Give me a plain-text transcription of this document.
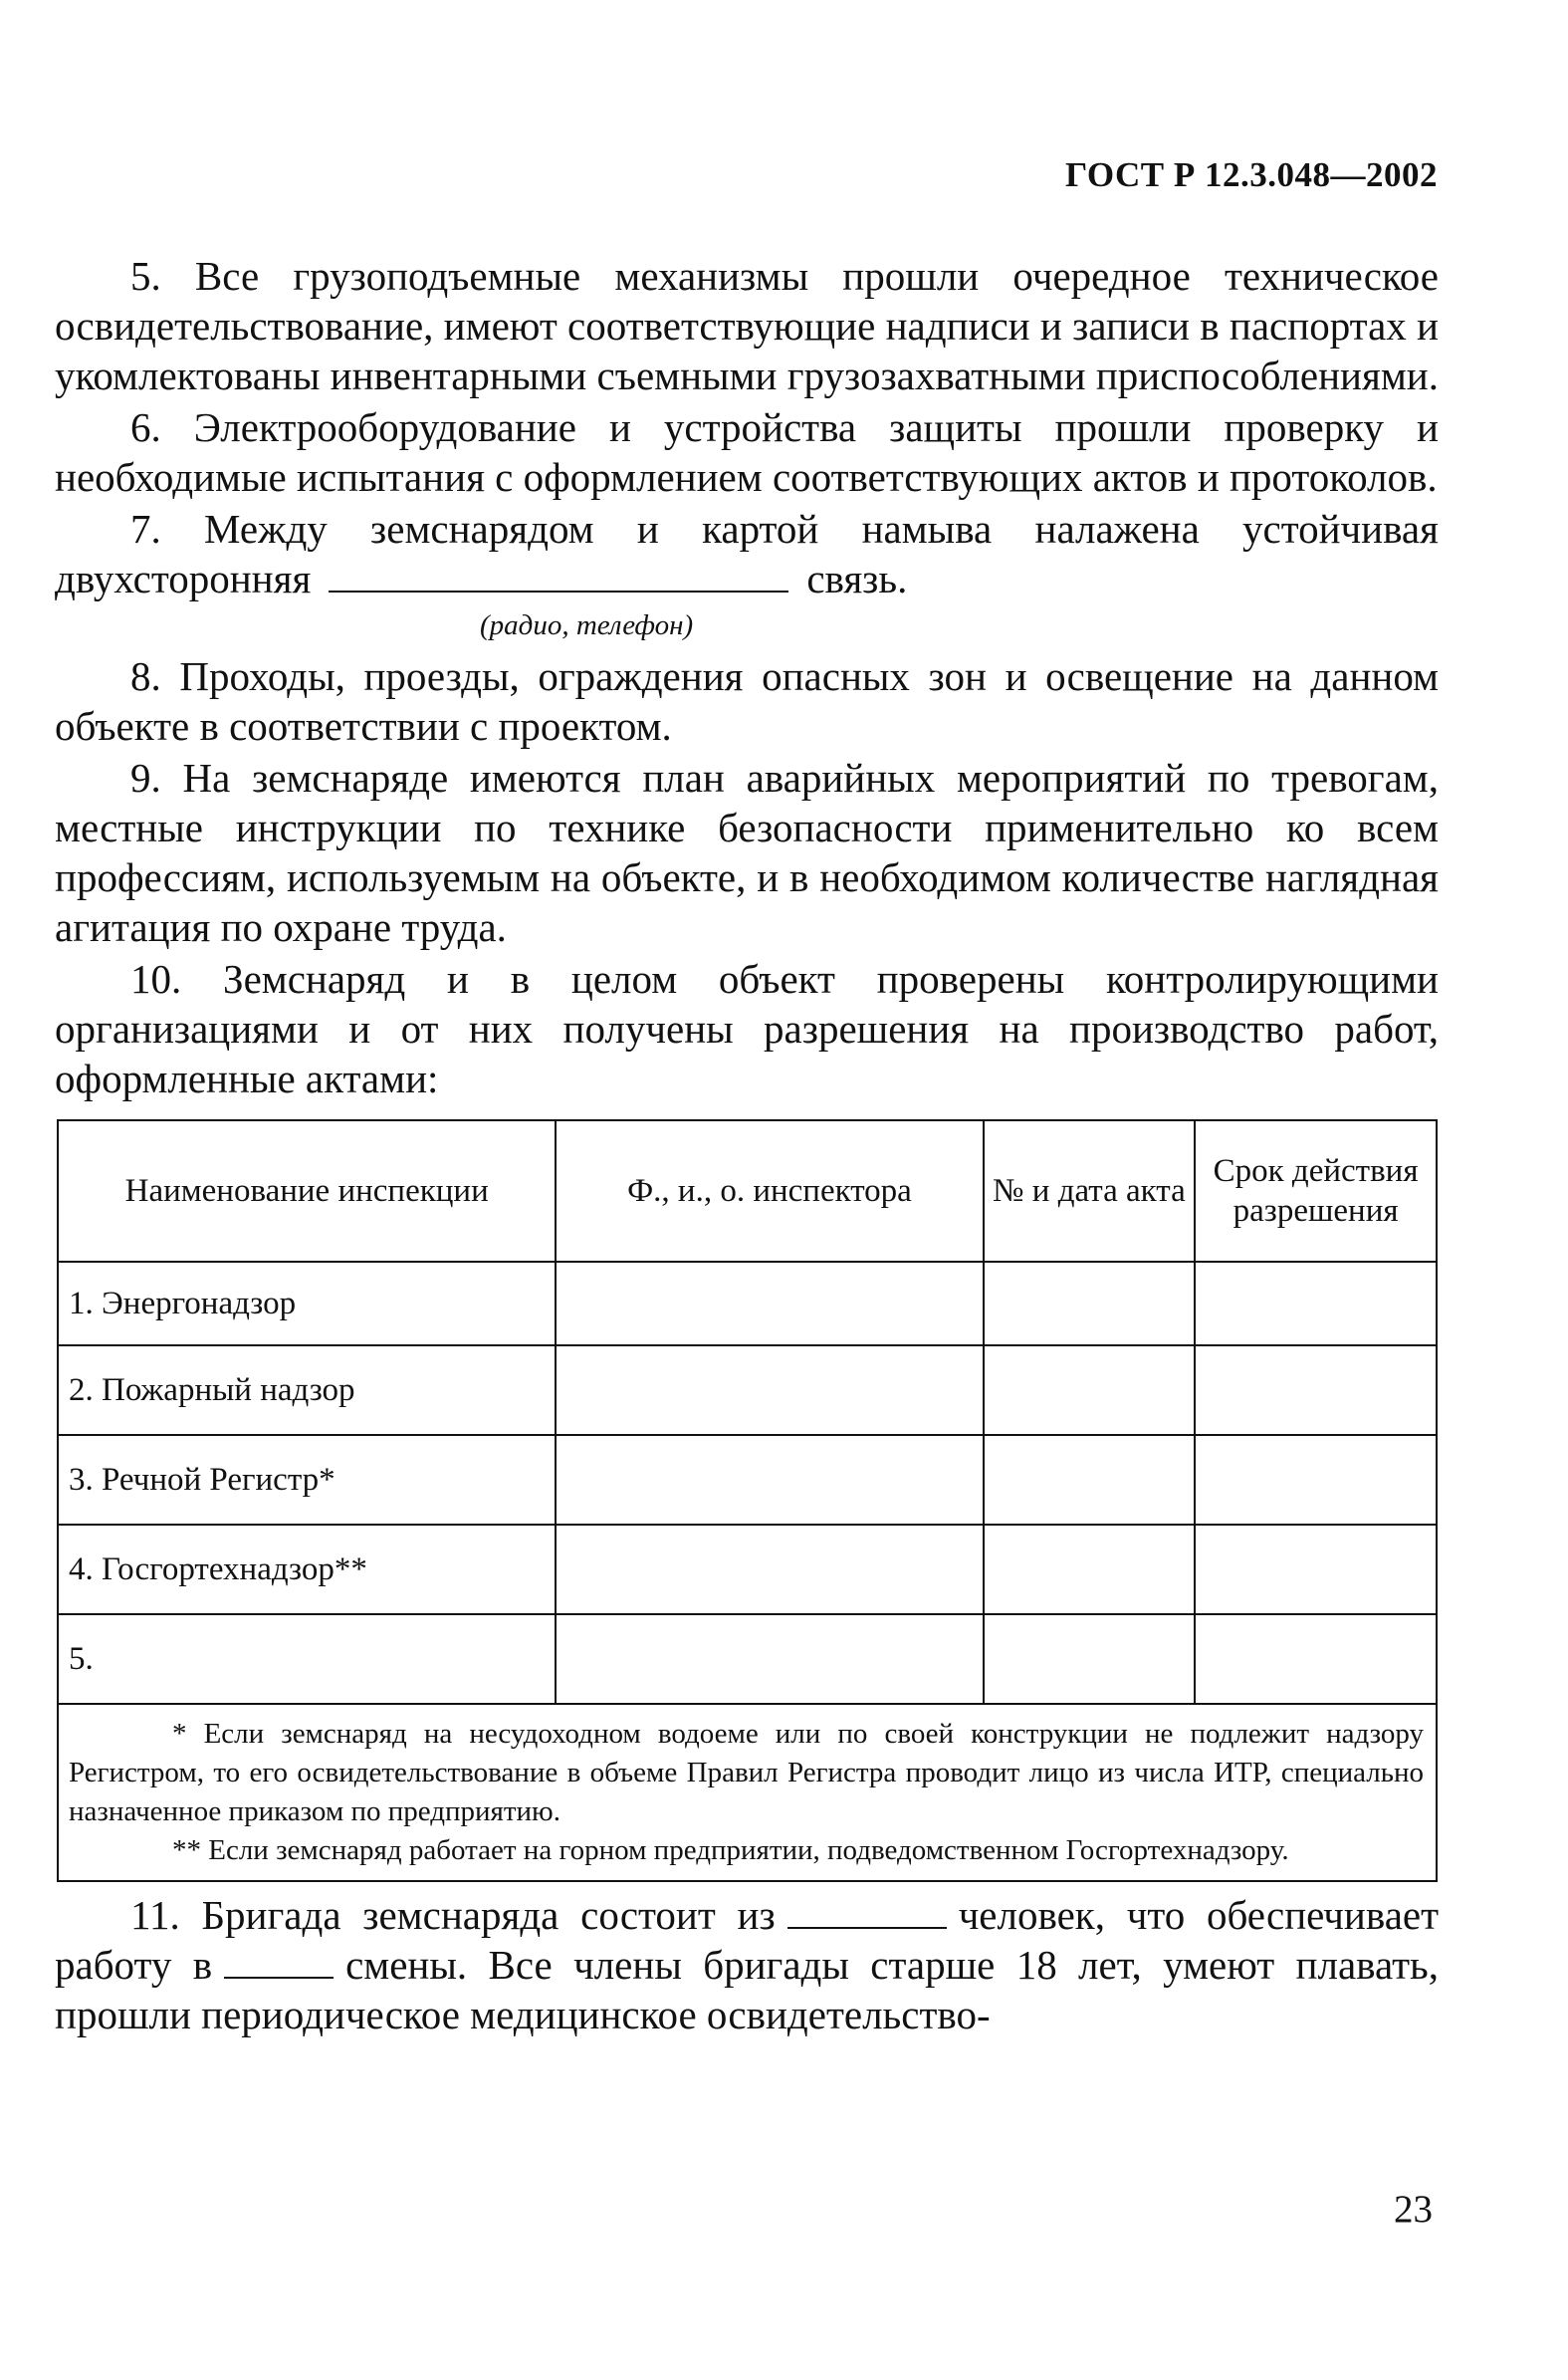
ГОСТ Р 12.3.048—2002

5. Все грузоподъемные механизмы прошли очередное техническое освидетельствование, имеют соответствующие надписи и записи в паспортах и укомлектованы инвентарными съемными грузозахватными приспособлениями.

6. Электрооборудование и устройства защиты прошли проверку и необходимые испытания с оформлением соответствующих актов и протоколов.

7. Между земснарядом и картой намыва налажена устойчивая двухсторонняя	связь.

(радио, телефон)

8. Проходы, проезды, ограждения опасных зон и освещение на данном объекте в соответствии с проектом.

9. На земснаряде имеются план аварийных мероприятий по тревогам, местные инструкции по технике безопасности применительно ко всем профессиям, используемым на объекте, и в необходимом количестве наглядная агитация по охране труда.

10. Земснаряд и в целом объект проверены контролирующими организациями и от них получены разрешения на производство работ, оформленные актами:

Наименование инспекции	Ф., и., о. инспектора	№ и дата акта	Срок действия разрешения
1. Энергонадзор			
2. Пожарный надзор			
3. Речной Регистр*			
4. Госгортехнадзор**			
5.			

* Если земснаряд на несудоходном водоеме или по своей конструкции не подлежит надзору Регистром, то его освидетельствование в объеме Правил Регистра проводит лицо из числа ИТР, специально назначенное приказом по предприятию.

** Если земснаряд работает на горном предприятии, подведомственном Госгортехнадзору.			

11. Бригада земснаряда состоит из	человек, что обеспечивает работу в	смены. Все члены бригады старше 18 лет, умеют плавать, прошли периодическое медицинское освидетельство-

23
